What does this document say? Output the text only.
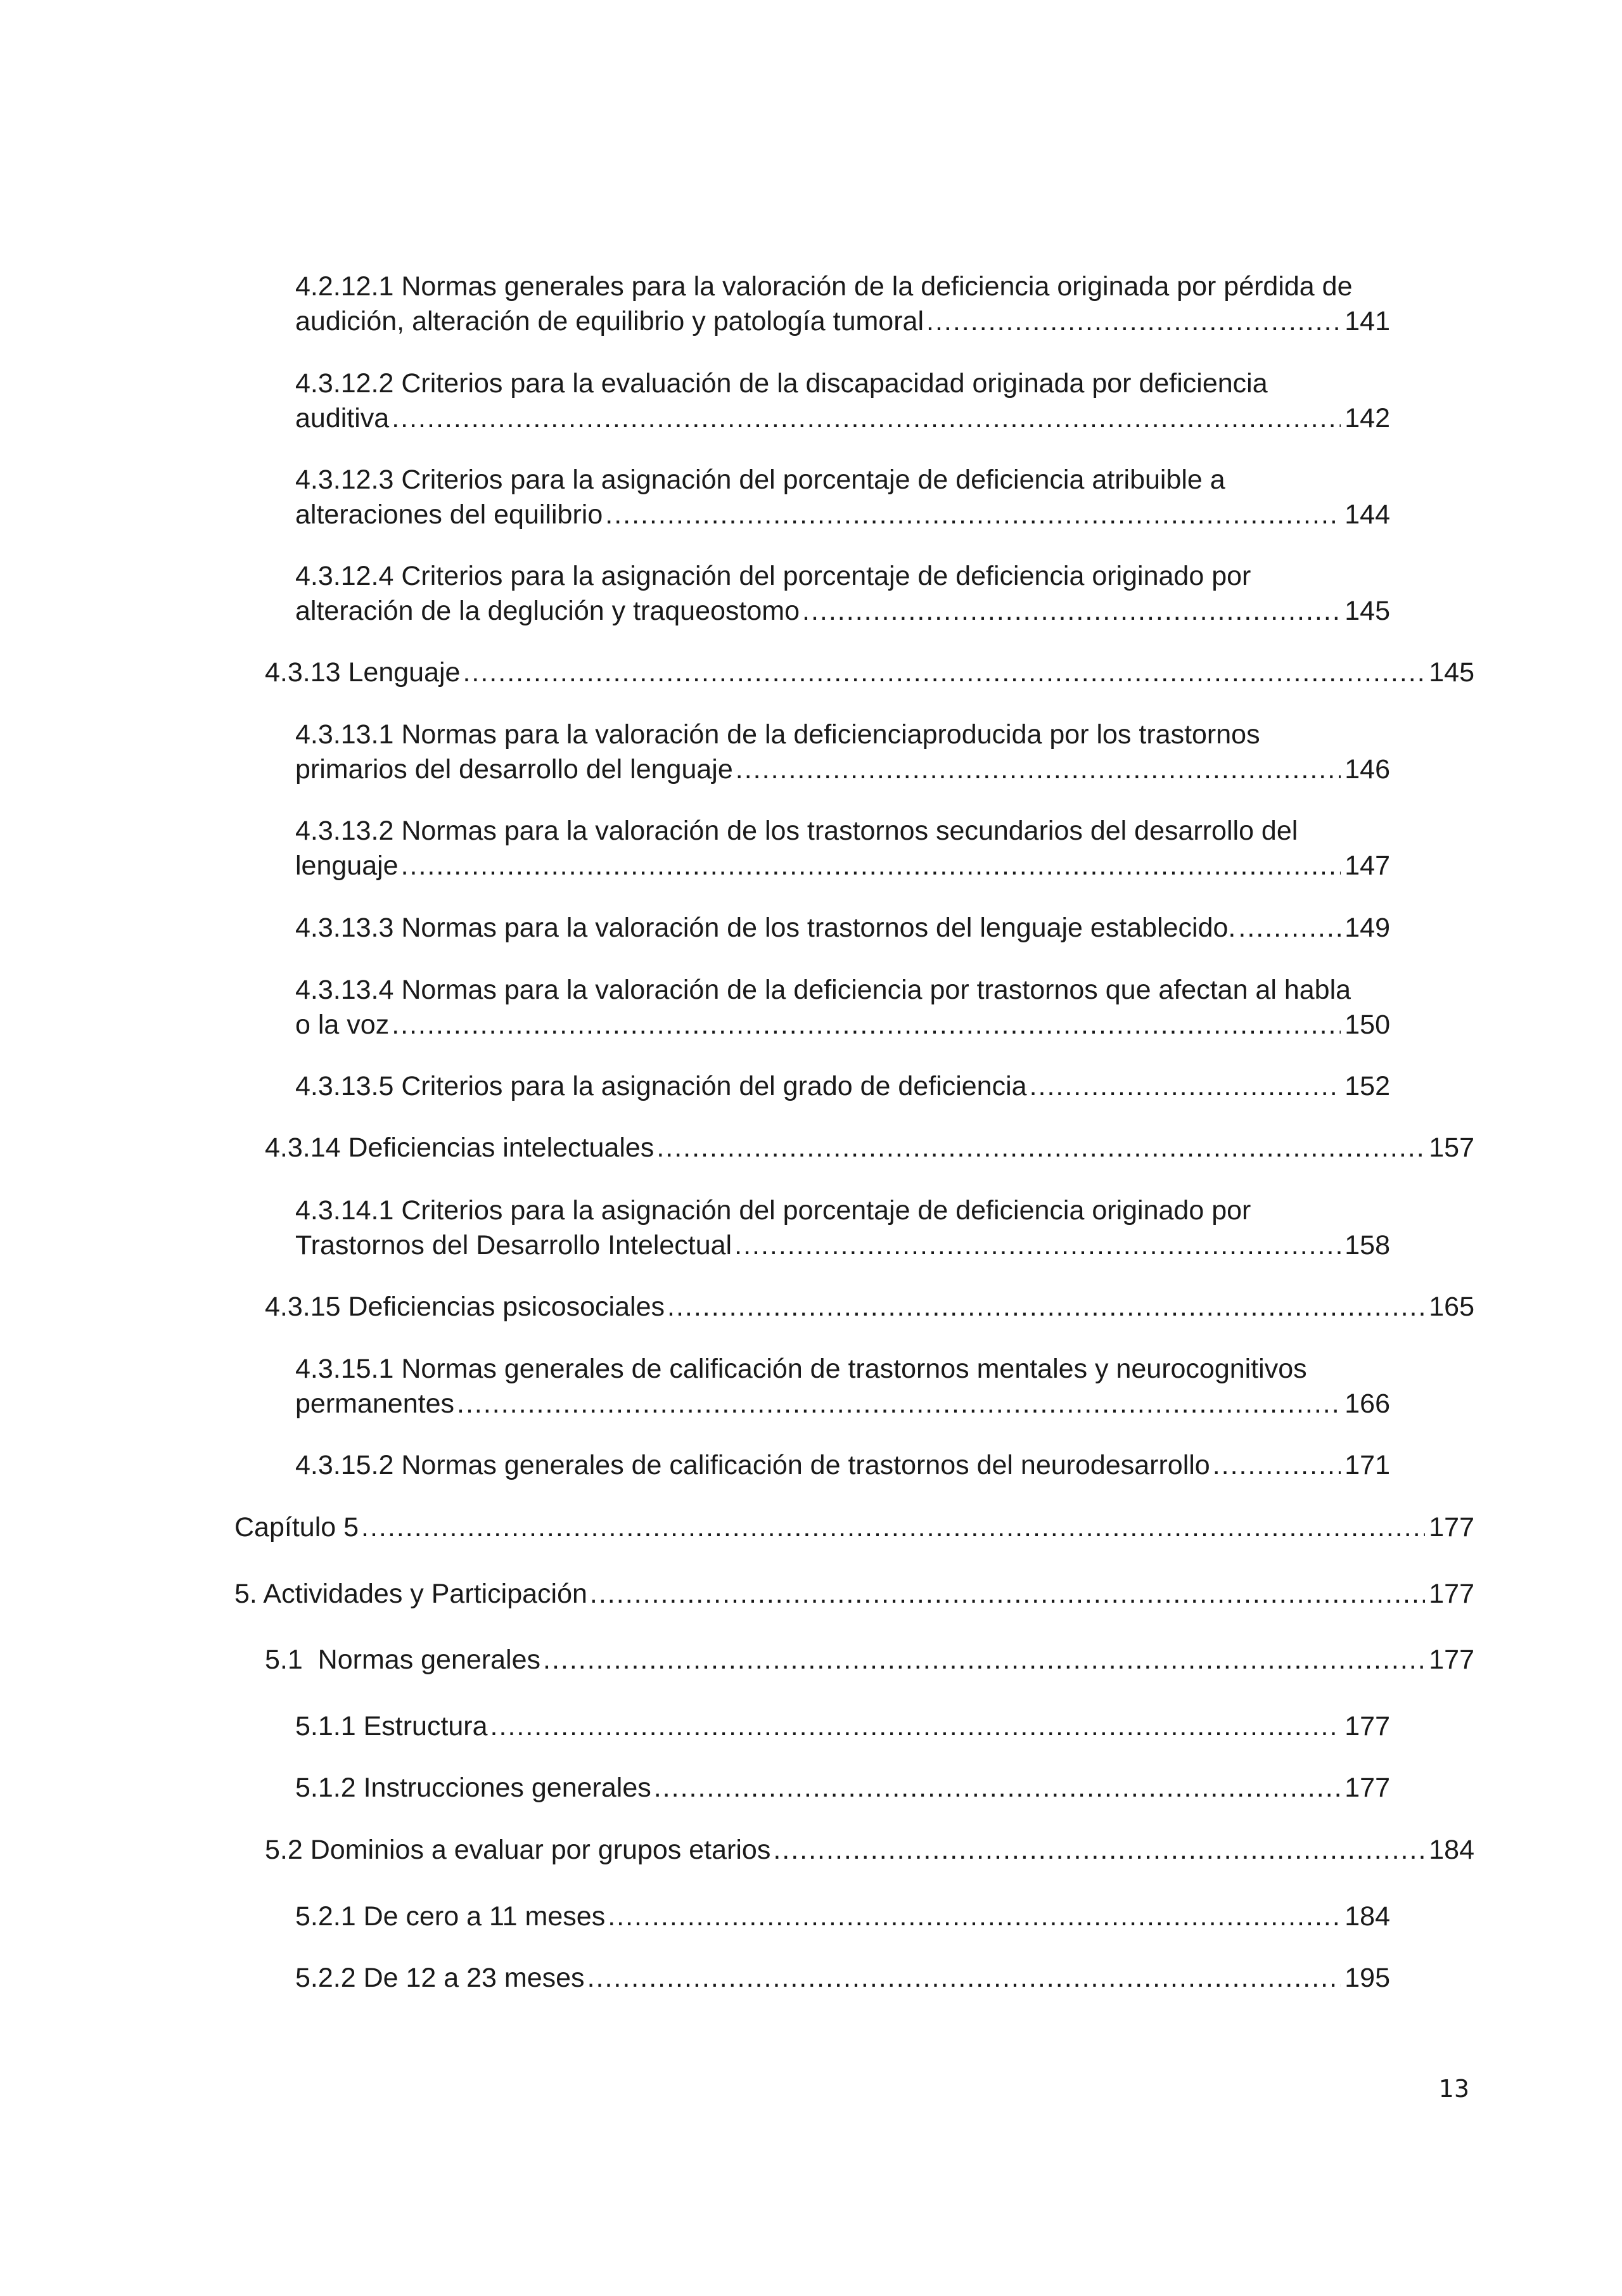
4.2.12.1 Normas generales para la valoración de la deficiencia originada por pérdida de
audición, alteración de equilibrio y patología tumoral .....	141
4.3.12.2 Criterios para la evaluación de la discapacidad originada por deficiencia
auditiva .....	142
4.3.12.3 Criterios para la asignación del porcentaje de deficiencia atribuible a
alteraciones del equilibrio .....	144
4.3.12.4 Criterios para la asignación del porcentaje de deficiencia originado por
alteración de la deglución y traqueostomo .....	145
4.3.13 Lenguaje .....	145
4.3.13.1 Normas para la valoración de la deficienciaproducida por los trastornos
primarios del desarrollo del lenguaje .....	146
4.3.13.2 Normas para la valoración de los trastornos secundarios del desarrollo del
lenguaje .....	147
4.3.13.3 Normas para la valoración de los trastornos del lenguaje establecido. .....	149
4.3.13.4 Normas para la valoración de la deficiencia por trastornos que afectan al habla
o la voz .....	150
4.3.13.5 Criterios para la asignación del grado de deficiencia .....	152
4.3.14 Deficiencias intelectuales .....	157
4.3.14.1 Criterios para la asignación del porcentaje de deficiencia originado por
Trastornos del Desarrollo Intelectual .....	158
4.3.15 Deficiencias psicosociales .....	165
4.3.15.1 Normas generales de calificación de trastornos mentales y neurocognitivos
permanentes .....	166
4.3.15.2 Normas generales de calificación de trastornos del neurodesarrollo .....	171
Capítulo 5 .....	177
5. Actividades y Participación .....	177
5.1  Normas generales .....	177
5.1.1 Estructura .....	177
5.1.2 Instrucciones generales .....	177
5.2 Dominios a evaluar por grupos etarios .....	184
5.2.1 De cero a 11 meses .....	184
5.2.2 De 12 a 23 meses .....	195
13
